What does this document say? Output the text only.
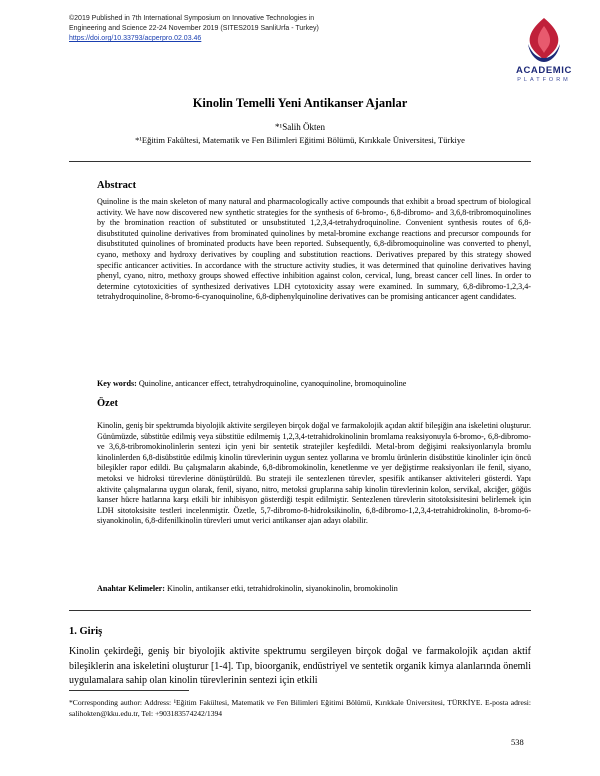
©2019 Published in 7th International Symposium on Innovative Technologies in
Engineering and Science 22-24 November 2019 (SITES2019 SanliUrfa - Turkey)
https://doi.org/10.33793/acperpro.02.03.46
ACADEMIC
PLATFORM
Kinolin Temelli Yeni Antikanser Ajanlar
*¹Salih Ökten
*¹Eğitim Fakültesi, Matematik ve Fen Bilimleri Eğitimi Bölümü, Kırıkkale Üniversitesi, Türkiye
Abstract
Quinoline is the main skeleton of many natural and pharmacologically active compounds that exhibit a broad spectrum of biological activity. We have now discovered new synthetic strategies for the synthesis of 6-bromo-, 6,8-dibromo- and 3,6,8-tribromoquinolines by the bromination reaction of substituted or unsubstituted 1,2,3,4-tetrahydroquinoline. Convenient synthesis routes of 6,8-disubstituted quinoline derivatives from brominated quinolines by metal-bromine exchange reactions and precursor compounds for disubstituted quinolines of brominated products have been reported. Subsequently, 6,8-dibromoquinoline was converted to phenyl, cyano, methoxy and hydroxy derivatives by coupling and substitution reactions. Derivatives prepared by this strategy showed specific anticancer activities. In accordance with the structure activity studies, it was determined that quinoline derivatives having phenyl, cyano, nitro, methoxy groups showed effective inhibition against colon, cervical, lung, breast cancer cell lines. In order to determine cytotoxicities of synthesized derivatives LDH cytotoxicity assay were examined. In summary, 6,8-dibromo-1,2,3,4-tetrahydroquinoline, 8-bromo-6-cyanoquinoline, 6,8-diphenylquinoline derivatives can be promising anticancer agent candidates.
Key words: Quinoline, anticancer effect, tetrahydroquinoline, cyanoquinoline, bromoquinoline
Özet
Kinolin, geniş bir spektrumda biyolojik aktivite sergileyen birçok doğal ve farmakolojik açıdan aktif bileşiğin ana iskeletini oluşturur. Günümüzde, sübstitüe edilmiş veya sübstitüe edilmemiş 1,2,3,4-tetrahidrokinolinin bromlama reaksiyonuyla 6-bromo-, 6,8-dibromo- ve 3,6,8-tribromokinolinlerin sentezi için yeni bir sentetik stratejiler keşfedildi. Metal-brom değişimi reaksiyonlarıyla bromlu kinolinlerden 6,8-disübstitüe edilmiş kinolin türevlerinin uygun sentez yollarına ve bromlu ürünlerin disübstitüe kinolinler için öncü bileşikler rapor edildi. Bu çalışmaların akabinde, 6,8-dibromokinolin, kenetlenme ve yer değiştirme reaksiyonları ile fenil, siyano, metoksi ve hidroksi türevlerine dönüştürüldü. Bu strateji ile sentezlenen türevler, spesifik antikanser aktiviteleri gösterdi. Yapı aktivite çalışmalarına uygun olarak, fenil, siyano, nitro, metoksi gruplarına sahip kinolin türevlerinin kolon, servikal, akciğer, göğüs kanser hücre hatlarına karşı etkili bir inhibisyon gösterdiği tespit edilmiştir. Sentezlenen türevlerin sitotoksisitesini belirlemek için LDH sitotoksisite testleri incelenmiştir. Özetle, 5,7-dibromo-8-hidroksikinolin, 6,8-dibromo-1,2,3,4-tetrahidrokinolin, 8-bromo-6-siyanokinolin, 6,8-difenilkinolin türevleri umut verici antikanser ajan adayı olabilir.
Anahtar Kelimeler: Kinolin, antikanser etki, tetrahidrokinolin, siyanokinolin, bromokinolin
1. Giriş
Kinolin çekirdeği, geniş bir biyolojik aktivite spektrumu sergileyen birçok doğal ve farmakolojik açıdan aktif bileşiklerin ana iskeletini oluşturur [1-4]. Tıp, bioorganik, endüstriyel ve sentetik organik kimya alanlarında önemli uygulamalara sahip olan kinolin türevlerinin sentezi için etkili
*Corresponding author: Address: ¹Eğitim Fakültesi, Matematik ve Fen Bilimleri Eğitimi Bölümü, Kırıkkale Üniversitesi, TÜRKİYE. E-posta adresi: salihokten@kku.edu.tr, Tel: +903183574242/1394
538
